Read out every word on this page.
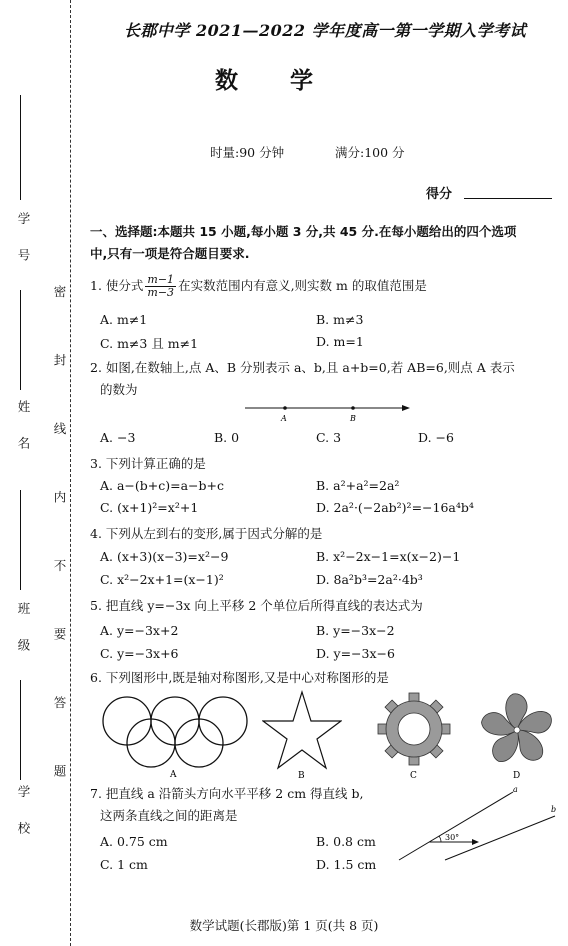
学 号
姓 名
班 级
学 校
密 封 线 内 不 要 答 题
长郡中学 2021—2022 学年度高一第一学期入学考试
数 学
时量:90 分钟	满分:100 分
得分
一、选择题:本题共 15 小题,每小题 3 分,共 45 分.在每小题给出的四个选项
中,只有一项是符合题目要求.
1. 使分式 $\frac{m-1}{m-3}$ 在实数范围内有意义,则实数 m 的取值范围是
A. m≠1	B. m≠3
C. m≠3 且 m≠1	D. m=1
2. 如图,在数轴上,点 A、B 分别表示 a、b,且 a+b=0,若 AB=6,则点 A 表示
的数为
A	B
A. −3	B. 0	C. 3	D. −6
3. 下列计算正确的是
A. a−(b+c)=a−b+c	B. a²+a²=2a²
C. (x+1)²=x²+1	D. 2a²·(−2ab²)²=−16a⁴b⁴
4. 下列从左到右的变形,属于因式分解的是
A. (x+3)(x−3)=x²−9	B. x²−2x−1=x(x−2)−1
C. x²−2x+1=(x−1)²	D. 8a²b³=2a²·4b³
5. 把直线 y=−3x 向上平移 2 个单位后所得直线的表达式为
A. y=−3x+2	B. y=−3x−2
C. y=−3x+6	D. y=−3x−6
6. 下列图形中,既是轴对称图形,又是中心对称图形的是
A	B	C	D
7. 把直线 a 沿箭头方向水平平移 2 cm 得直线 b,
这两条直线之间的距离是
A. 0.75 cm	B. 0.8 cm
C. 1 cm	D. 1.5 cm
30°
a
b
数学试题(长郡版)第 1 页(共 8 页)
